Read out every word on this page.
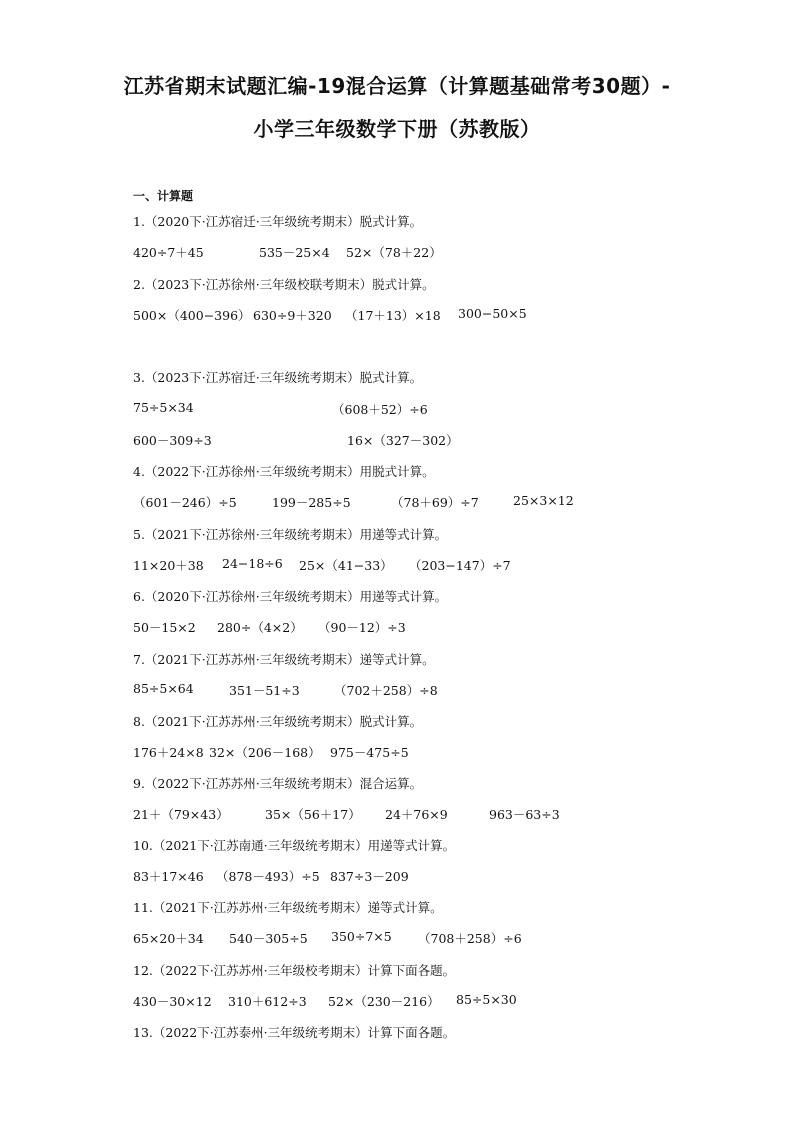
江苏省期末试题汇编-19混合运算（计算题基础常考30题）-
小学三年级数学下册（苏教版）
一、计算题
1.（2020下·江苏宿迁·三年级统考期末）脱式计算。
420÷7＋45	535－25×4 52×（78＋22）
2.（2023下·江苏徐州·三年级校联考期末）脱式计算。
500×（400−396） 630÷9＋320 （17＋13）×18 300−50×5
3.（2023下·江苏宿迁·三年级统考期末）脱式计算。
75÷5×34	（608＋52）÷6
600－309÷3	16×（327－302）
4.（2022下·江苏徐州·三年级统考期末）用脱式计算。
（601－246）÷5	199－285÷5	（78＋69）÷7	25×3×12
5.（2021下·江苏徐州·三年级统考期末）用递等式计算。
11×20＋38 24−18÷6 25×（41−33） （203−147）÷7
6.（2020下·江苏徐州·三年级统考期末）用递等式计算。
50－15×2 280÷（4×2） （90－12）÷3
7.（2021下·江苏苏州·三年级统考期末）递等式计算。
85÷5×64	351－51÷3	（702＋258）÷8
8.（2021下·江苏苏州·三年级统考期末）脱式计算。
176＋24×8 32×（206－168） 975－475÷5
9.（2022下·江苏苏州·三年级统考期末）混合运算。
21＋（79×43）	35×（56＋17） 24＋76×9	963－63÷3
10.（2021下·江苏南通·三年级统考期末）用递等式计算。
83＋17×46 （878－493）÷5 837÷3－209
11.（2021下·江苏苏州·三年级统考期末）递等式计算。
65×20＋34 540－305÷5 350÷7×5 （708＋258）÷6
12.（2022下·江苏苏州·三年级校考期末）计算下面各题。
430－30×12 310＋612÷3 52×（230－216） 85÷5×30
13.（2022下·江苏泰州·三年级统考期末）计算下面各题。
